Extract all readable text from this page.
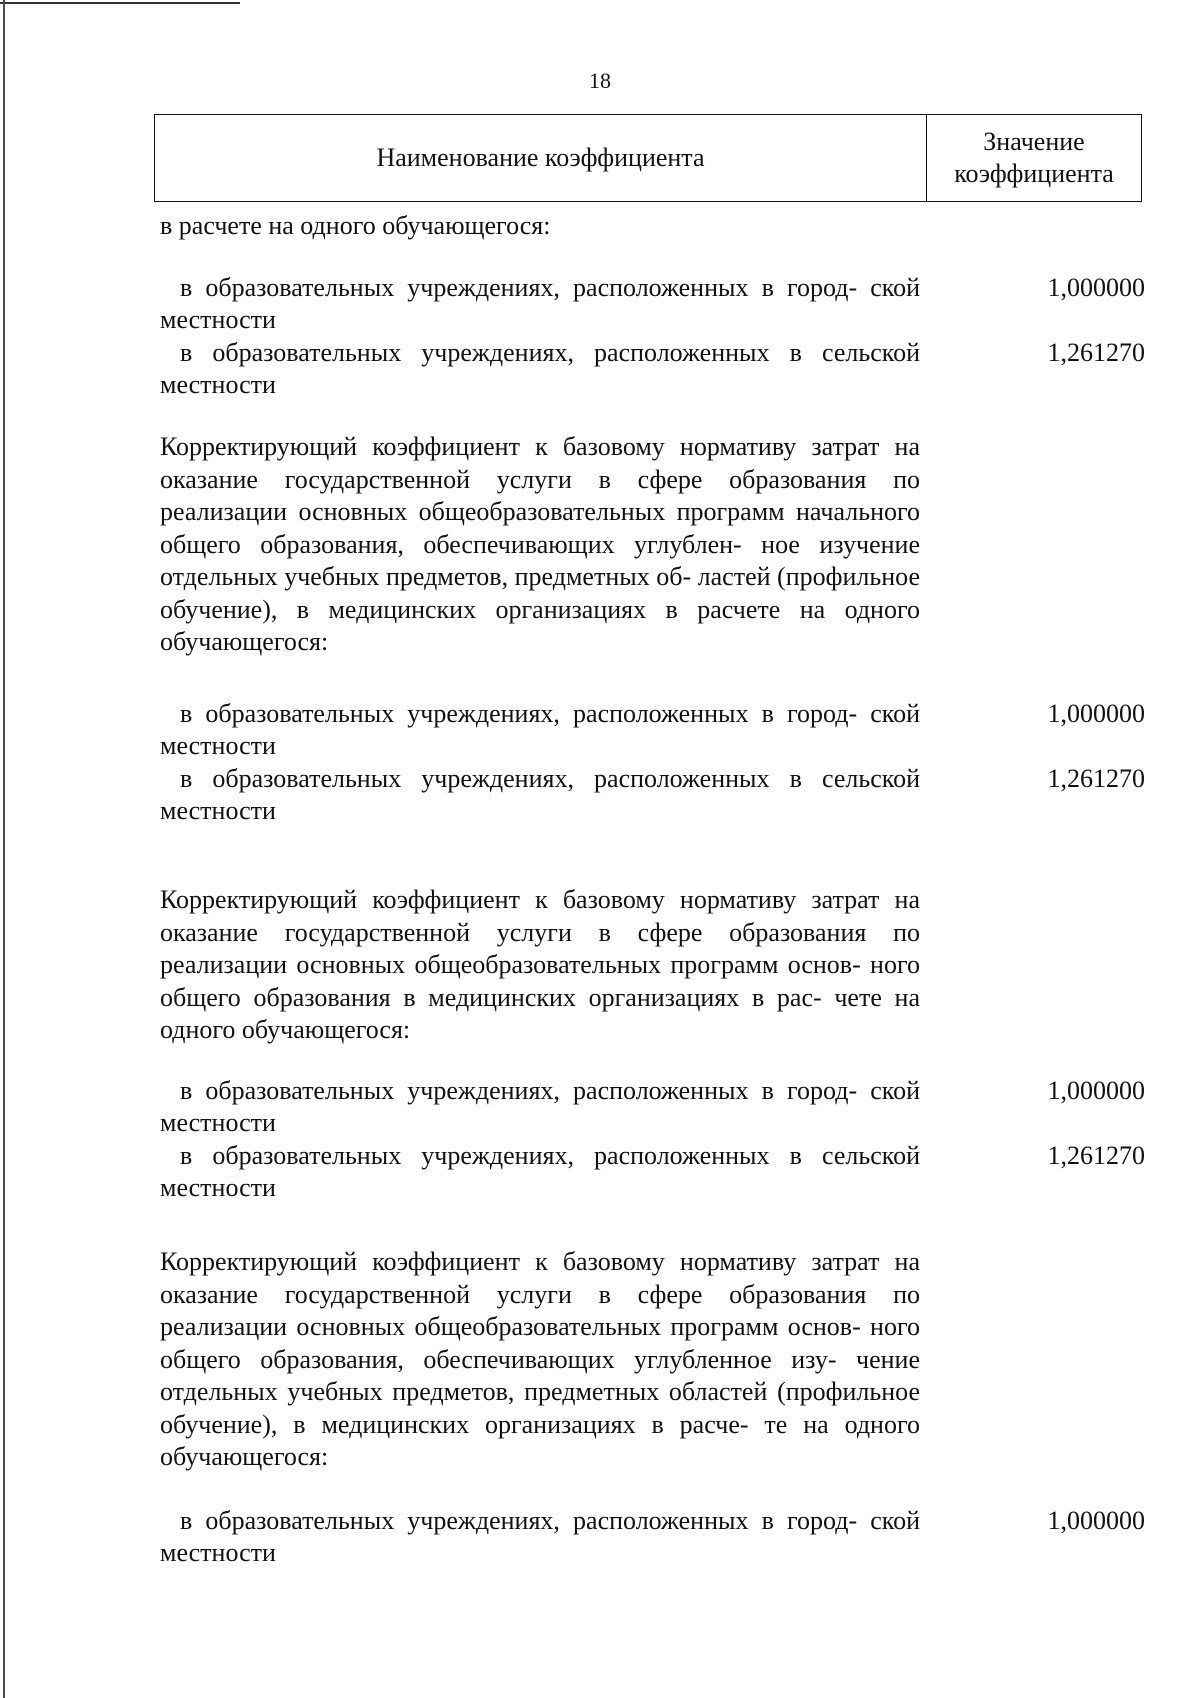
18
Наименование коэффициента
Значение коэффициента
в расчете на одного обучающегося:
в образовательных учреждениях, расположенных в город- ской местности
1,000000
в образовательных учреждениях, расположенных в сельской местности
1,261270
Корректирующий коэффициент к базовому нормативу затрат на оказание государственной услуги в сфере образования по реализации основных общеобразовательных программ начального общего образования, обеспечивающих углублен- ное изучение отдельных учебных предметов, предметных об- ластей (профильное обучение), в медицинских организациях в расчете на одного обучающегося:
в образовательных учреждениях, расположенных в город- ской местности
1,000000
в образовательных учреждениях, расположенных в сельской местности
1,261270
Корректирующий коэффициент к базовому нормативу затрат на оказание государственной услуги в сфере образования по реализации основных общеобразовательных программ основ- ного общего образования в медицинских организациях в рас- чете на одного обучающегося:
в образовательных учреждениях, расположенных в город- ской местности
1,000000
в образовательных учреждениях, расположенных в сельской местности
1,261270
Корректирующий коэффициент к базовому нормативу затрат на оказание государственной услуги в сфере образования по реализации основных общеобразовательных программ основ- ного общего образования, обеспечивающих углубленное изу- чение отдельных учебных предметов, предметных областей (профильное обучение), в медицинских организациях в расче- те на одного обучающегося:
в образовательных учреждениях, расположенных в город- ской местности
1,000000
